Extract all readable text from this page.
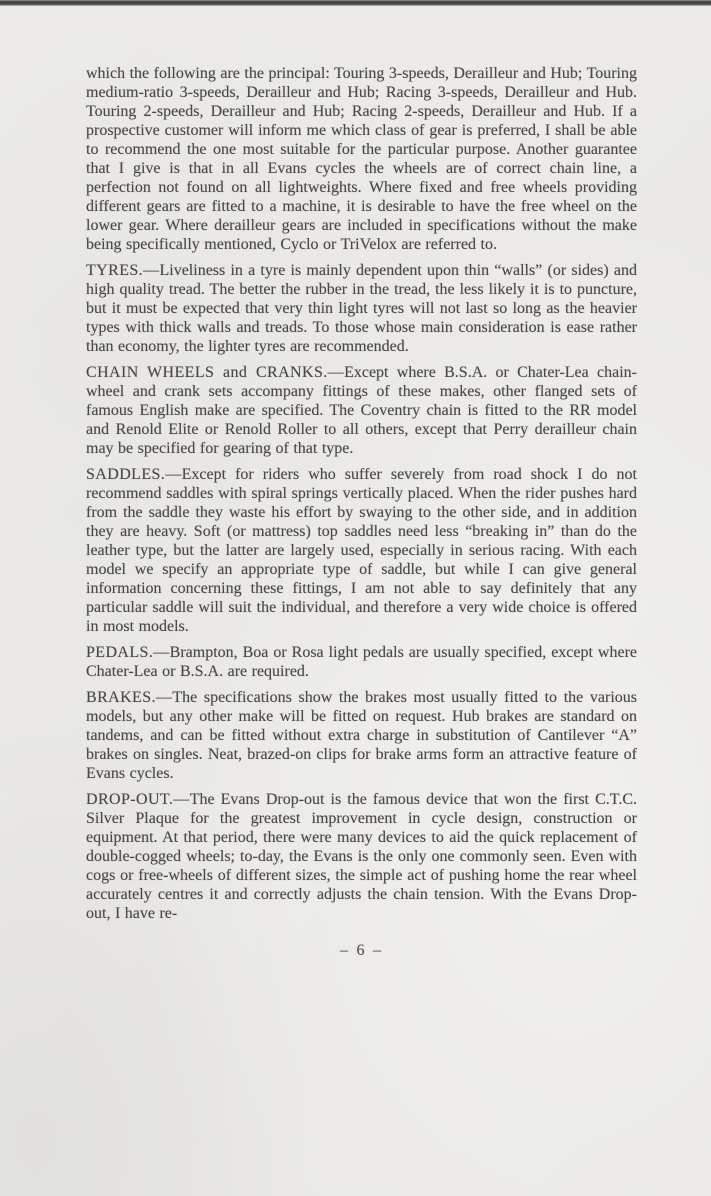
which the following are the principal: Touring 3-speeds, Derailleur and Hub; Touring medium-ratio 3-speeds, Derailleur and Hub; Racing 3-speeds, Derailleur and Hub. Touring 2-speeds, Derailleur and Hub; Racing 2-speeds, Derailleur and Hub. If a prospective customer will inform me which class of gear is preferred, I shall be able to recommend the one most suitable for the particular purpose. Another guarantee that I give is that in all Evans cycles the wheels are of correct chain line, a perfection not found on all lightweights. Where fixed and free wheels providing different gears are fitted to a machine, it is desirable to have the free wheel on the lower gear. Where derailleur gears are included in specifications without the make being specifically mentioned, Cyclo or TriVelox are referred to.

TYRES.—Liveliness in a tyre is mainly dependent upon thin “walls” (or sides) and high quality tread. The better the rubber in the tread, the less likely it is to puncture, but it must be expected that very thin light tyres will not last so long as the heavier types with thick walls and treads. To those whose main consideration is ease rather than economy, the lighter tyres are recommended.

CHAIN WHEELS and CRANKS.—Except where B.S.A. or Chater-Lea chain-wheel and crank sets accompany fittings of these makes, other flanged sets of famous English make are specified. The Coventry chain is fitted to the RR model and Renold Elite or Renold Roller to all others, except that Perry derailleur chain may be specified for gearing of that type.

SADDLES.—Except for riders who suffer severely from road shock I do not recommend saddles with spiral springs vertically placed. When the rider pushes hard from the saddle they waste his effort by swaying to the other side, and in addition they are heavy. Soft (or mattress) top saddles need less “breaking in” than do the leather type, but the latter are largely used, especially in serious racing. With each model we specify an appropriate type of saddle, but while I can give general information concerning these fittings, I am not able to say definitely that any particular saddle will suit the individual, and therefore a very wide choice is offered in most models.

PEDALS.—Brampton, Boa or Rosa light pedals are usually specified, except where Chater-Lea or B.S.A. are required.

BRAKES.—The specifications show the brakes most usually fitted to the various models, but any other make will be fitted on request. Hub brakes are standard on tandems, and can be fitted without extra charge in substitution of Cantilever “A” brakes on singles. Neat, brazed-on clips for brake arms form an attractive feature of Evans cycles.

DROP-OUT.—The Evans Drop-out is the famous device that won the first C.T.C. Silver Plaque for the greatest improvement in cycle design, construction or equipment. At that period, there were many devices to aid the quick replacement of double-cogged wheels; to-day, the Evans is the only one commonly seen. Even with cogs or free-wheels of different sizes, the simple act of pushing home the rear wheel accurately centres it and correctly adjusts the chain tension. With the Evans Drop-out, I have re-

– 6 –
